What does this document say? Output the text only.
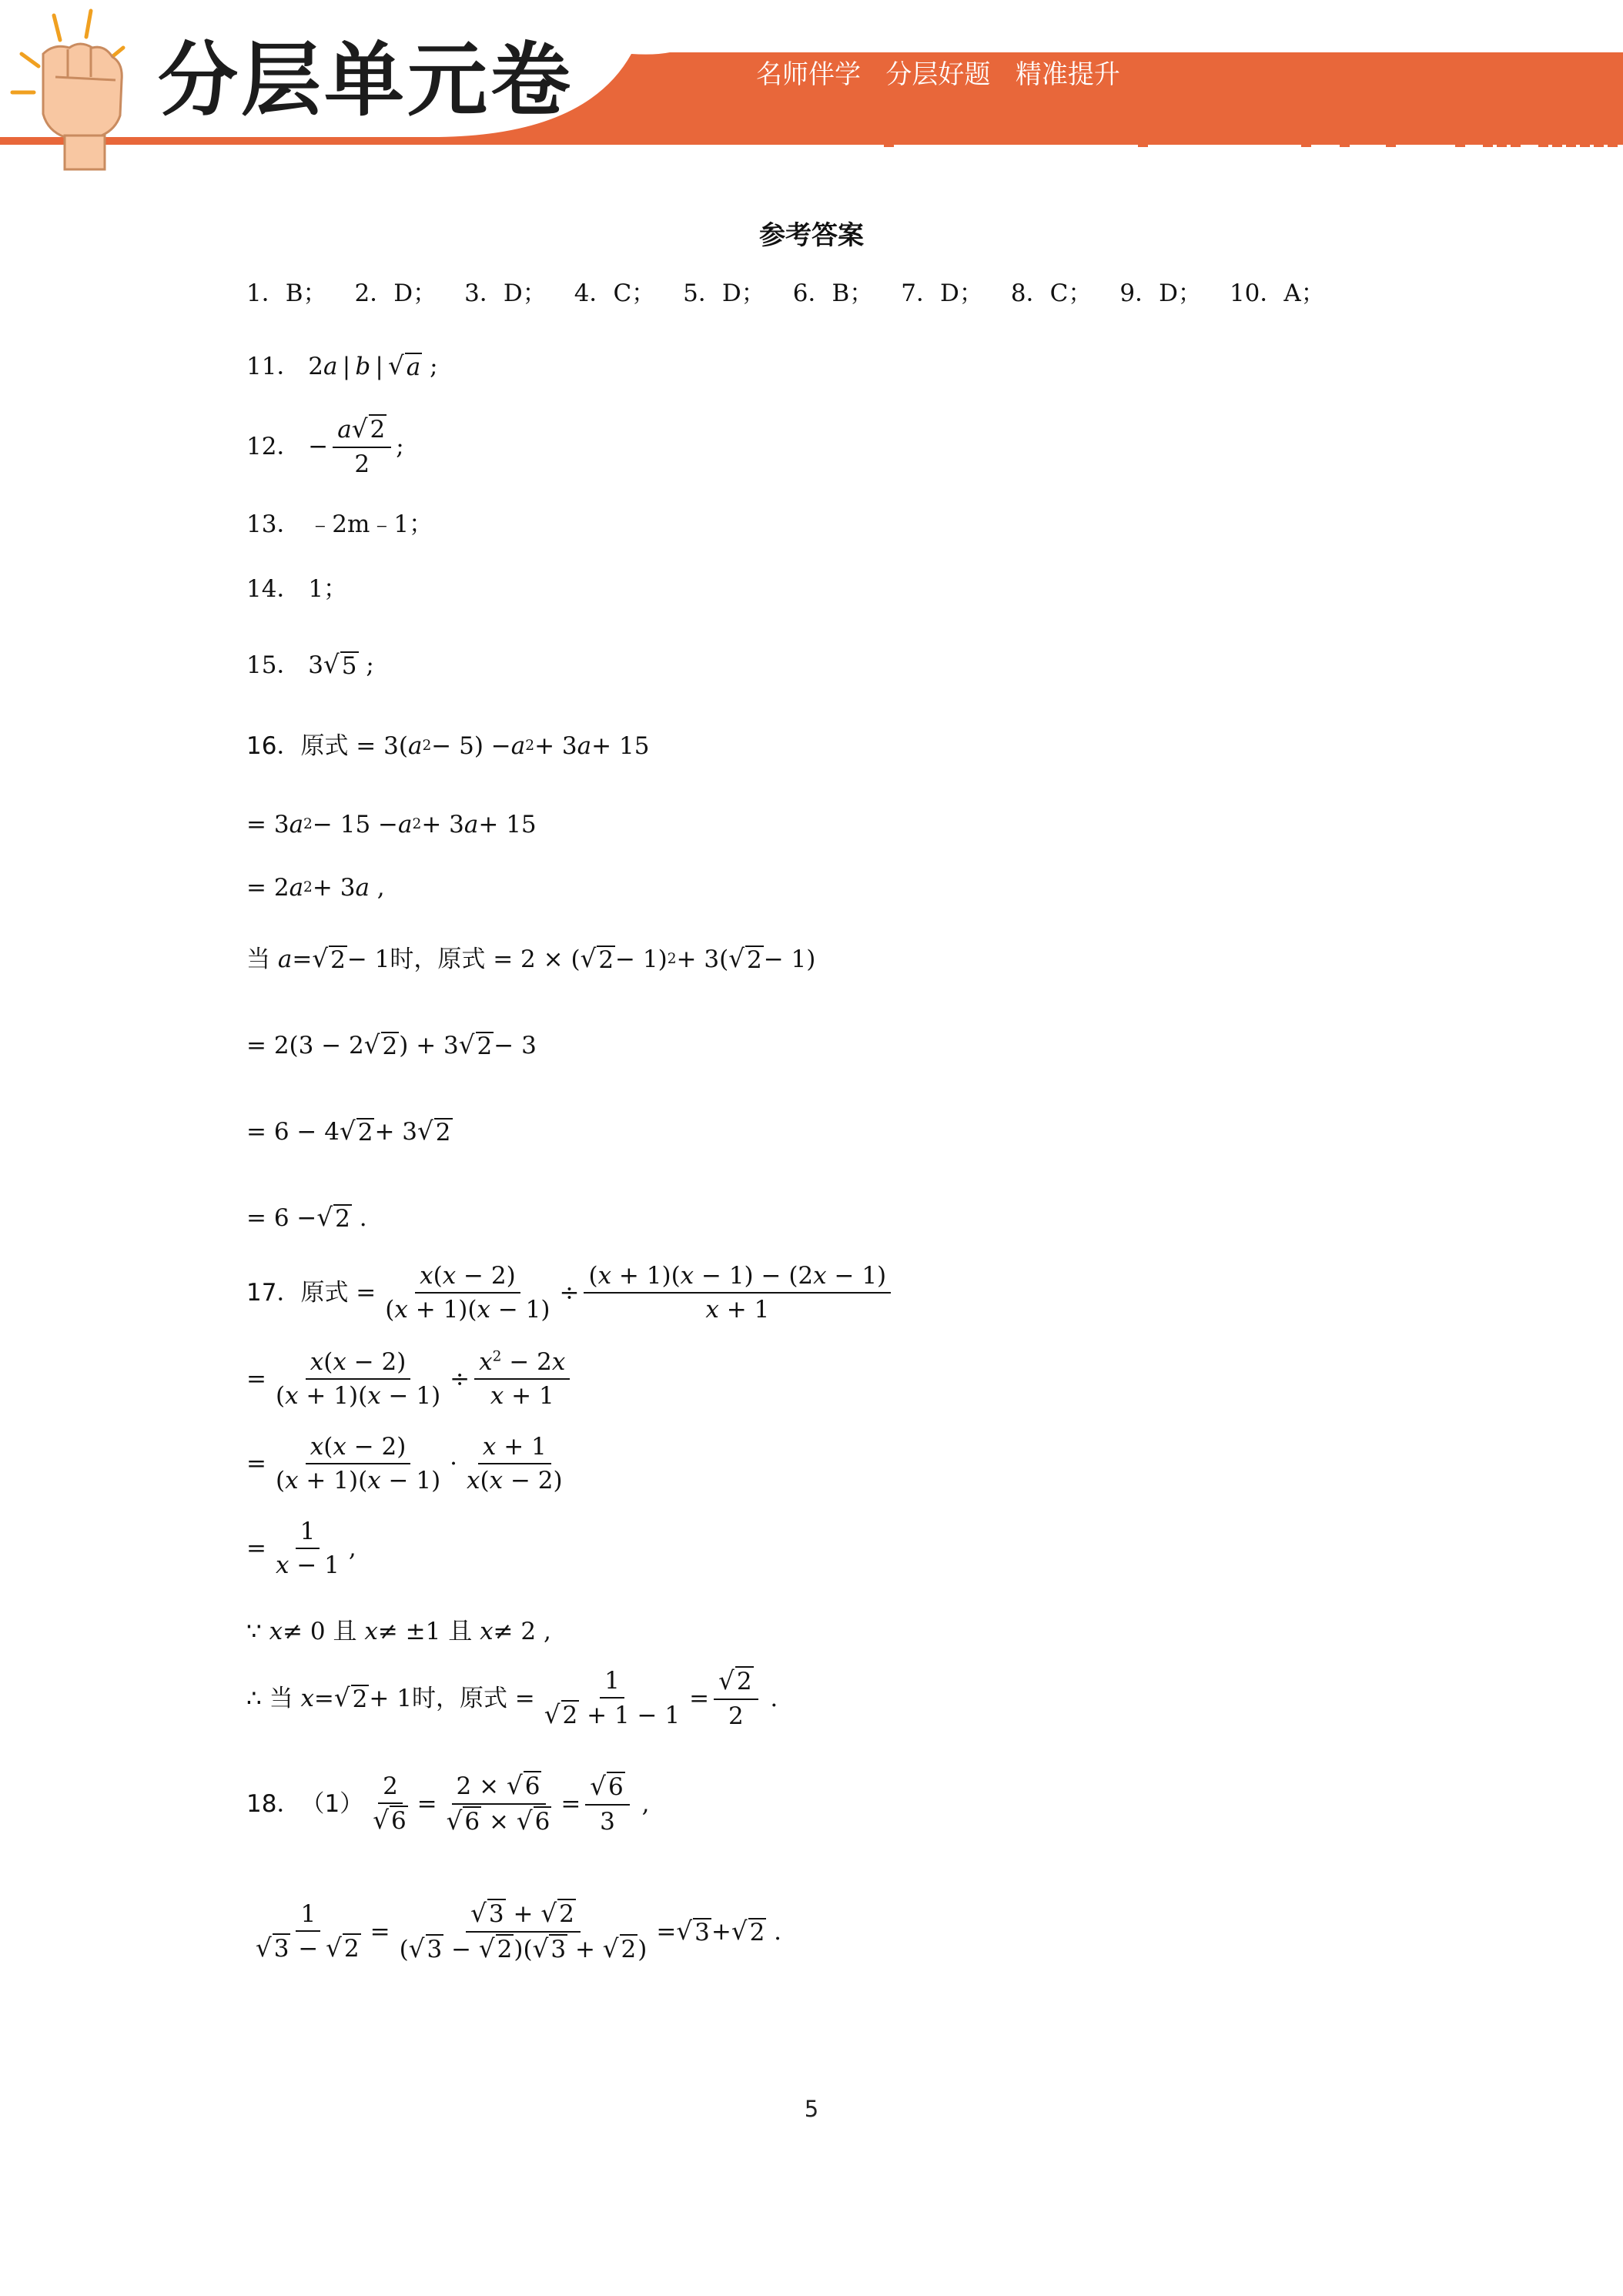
分层单元卷	名师伴学   分层好题   精准提升
参考答案
1．B； 2．D； 3．D； 4．C； 5．D； 6．B； 7．D； 8．C； 9．D； 10．A；
11． 2 a  |  b  |  √ a ;
12． − $\frac{a√2}{2}$ ;
13．
﹣2m﹣1；
14．
1；
15． 3 √ 5 ;
16． 原式 = 3( a 2 − 5) − a 2 + 3 a + 15
= 3 a 2 − 15 − a 2 + 3 a + 15
= 2 a 2 + 3 a ,
当
a = √ 2 − 1 时， 原式 = 2 × ( √ 2 − 1) 2 + 3( √ 2 − 1)
= 2(3 − 2 √ 2 ) + 3 √ 2 − 3
= 6 − 4 √ 2 + 3 √ 2
= 6 − √ 2 .
17． 原式 = $\frac{x(x - 2)}{(x + 1)(x - 1)} \div \frac{(x + 1)(x - 1) - (2x - 1)}{x + 1}$
= $\frac{x(x - 2)}{(x + 1)(x - 1)} \div \frac{x^2 - 2x}{x + 1}$
= $\frac{x(x - 2)}{(x + 1)(x - 1)} \cdot \frac{x + 1}{x(x - 2)}$
= $\frac{1}{x - 1}$ ,
∵ x ≠ 0 且
x ≠ ±1 且
x ≠ 2 ,
∴ 当
x = √ 2 + 1 时， 原式 = $\frac{1}{√2 + 1 - 1} = \frac{√2}{2}$ .
18． $(1) \frac{2}{√6} = \frac{2 \times √6}{√6 \times √6} = \frac{√6}{3}$ ,
$\frac{1}{√3 - √2} = \frac{√3 + √2}{(√3 - √2)(√3 + √2)}$ = √ 3 + √ 2 .
5
